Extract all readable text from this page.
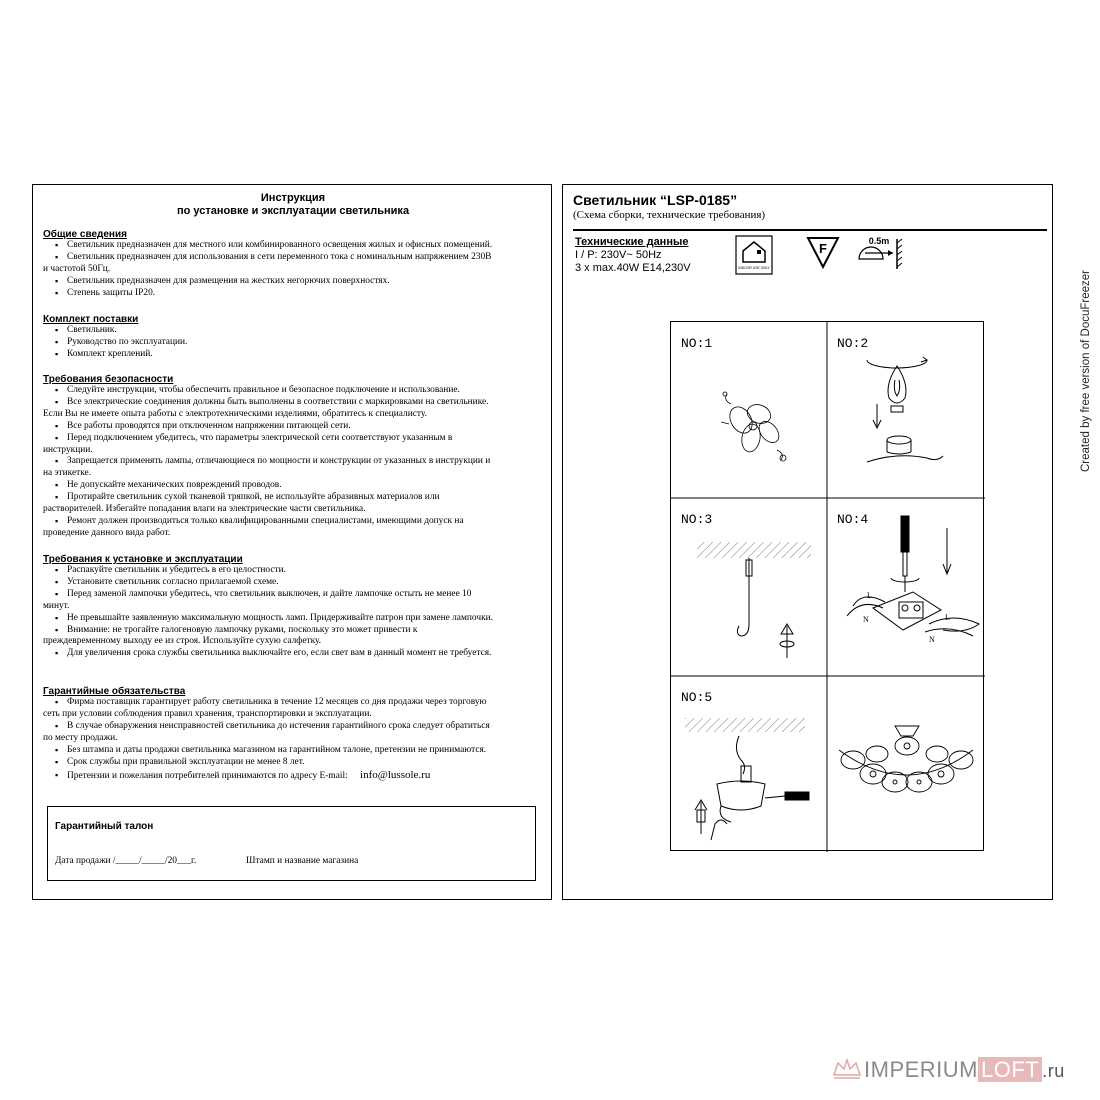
Инструкция
по установке и эксплуатации светильника
Общие сведения
▪ Светильник предназначен для местного или комбинированного освещения жилых и офисных помещений.
▪ Светильник предназначен для использования в сети переменного тока с номинальным напряжением 230В
и частотой 50Гц.
▪ Светильник предназначен для размещения на жестких негорючих поверхностях.
▪ Степень защиты IP20.
Комплект поставки
▪ Светильник.
▪ Руководство по эксплуатации.
▪ Комплект креплений.
Требования безопасности
▪ Следуйте инструкции, чтобы обеспечить правильное и безопасное подключение и использование.
▪ Все электрические соединения должны быть выполнены в соответствии с маркировками на светильнике.
Если Вы не имеете опыта работы с электротехническими изделиями, обратитесь к специалисту.
▪ Все работы проводятся при отключенном напряжении питающей сети.
▪ Перед подключением убедитесь, что параметры электрической сети соответствуют указанным в
инструкции.
▪ Запрещается применять лампы, отличающиеся по мощности и конструкции от указанных в инструкции и
на этикетке.
▪ Не допускайте механических повреждений проводов.
▪ Протирайте светильник сухой тканевой тряпкой, не используйте абразивных материалов или
растворителей. Избегайте попадания влаги на электрические части светильника.
▪ Ремонт должен производиться только квалифицированными специалистами, имеющими допуск на
проведение данного вида работ.
Требования к установке и эксплуатации
▪ Распакуйте светильник и убедитесь в его целостности.
▪ Установите светильник согласно прилагаемой схеме.
▪ Перед заменой лампочки убедитесь, что светильник выключен, и дайте лампочке остыть не менее 10
минут.
▪ Не превышайте заявленную максимальную мощность ламп. Придерживайте патрон при замене лампочки.
▪ Внимание: не трогайте галогеновую лампочку руками, поскольку это может привести к
преждевременному выходу ее из строя. Используйте сухую салфетку.
▪ Для увеличения срока службы светильника выключайте его, если свет вам в данный момент не требуется.
Гарантийные обязательства
▪ Фирма поставщик гарантирует работу светильника в течение 12 месяцев со дня продажи через торговую
сеть при условии соблюдения правил хранения, транспортировки и эксплуатации.
▪ В случае обнаружения неисправностей светильника до истечения гарантийного срока следует обратиться
по месту продажи.
▪ Без штампа и даты продажи светильника магазином на гарантийном талоне, претензии не принимаются.
▪ Срок службы при правильной эксплуатации не менее 8 лет.
▪ Претензии и пожелания потребителей принимаются по адресу E-mail: info@lussole.ru
Гарантийный талон
Дата продажи /_____/_____/20___г.	Штамп и название магазина
Светильник “LSP-0185”
(Схема сборки, технические требования)
Технические данные
I / P: 230V~ 50Hz
3 x max.40W E14,230V	INDOOR USE ONLY
F	0.5m
NO:1	NO:2
NO:3	NO:4
L
N	L
N
NO:5
Created by free version of DocuFreezer
IMPERIUM LOFT .ru
